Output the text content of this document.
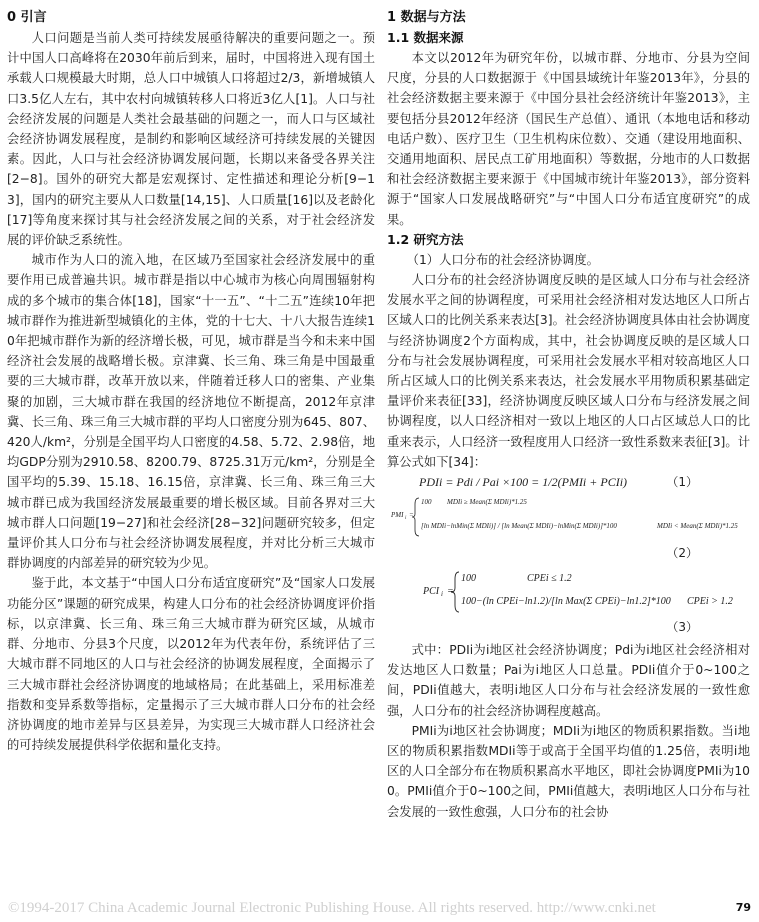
0 引言

人口问题是当前人类可持续发展亟待解决的重要问题之一。预计中国人口高峰将在2030年前后到来，届时，中国将进入现有国土承载人口规模最大时期，总人口中城镇人口将超过2/3，新增城镇人口3.5亿人左右，其中农村向城镇转移人口将近3亿人[1]。人口与社会经济发展的问题是人类社会最基础的问题之一，而人口与区域社会经济协调发展程度，是制约和影响区域经济可持续发展的关键因素。因此，人口与社会经济协调发展问题，长期以来备受各界关注[2−8]。国外的研究大都是宏观探讨、定性描述和理论分析[9−13]，国内的研究主要从人口数量[14,15]、人口质量[16]以及老龄化[17]等角度来探讨其与社会经济发展之间的关系，对于社会经济发展的评价缺乏系统性。

城市作为人口的流入地，在区域乃至国家社会经济发展中的重要作用已成普遍共识。城市群是指以中心城市为核心向周围辐射构成的多个城市的集合体[18]，国家“十一五”、“十二五”连续10年把城市群作为推进新型城镇化的主体，党的十七大、十八大报告连续10年把城市群作为新的经济增长极，可见，城市群是当今和未来中国经济社会发展的战略增长极。京津冀、长三角、珠三角是中国最重要的三大城市群，改革开放以来，伴随着迁移人口的密集、产业集聚的加剧，三大城市群在我国的经济地位不断提高，2012年京津冀、长三角、珠三角三大城市群的平均人口密度分别为645、807、420人/km²，分别是全国平均人口密度的4.58、5.72、2.98倍，地均GDP分别为2910.58、8200.79、8725.31万元/km²，分别是全国平均的5.39、15.18、16.15倍，京津冀、长三角、珠三角三大城市群已成为我国经济发展最重要的增长极区域。目前各界对三大城市群人口问题[19−27]和社会经济[28−32]问题研究较多，但定量评价其人口分布与社会经济协调发展程度，并对比分析三大城市群协调度的内部差异的研究较为少见。

鉴于此，本文基于“中国人口分布适宜度研究”及“国家人口发展功能分区”课题的研究成果，构建人口分布的社会经济协调度评价指标，以京津冀、长三角、珠三角三大城市群为研究区域，从城市群、分地市、分县3个尺度，以2012年为代表年份，系统评估了三大城市群不同地区的人口与社会经济的协调发展程度，全面揭示了三大城市群社会经济协调度的地域格局；在此基础上，采用标准差指数和变异系数等指标，定量揭示了三大城市群人口分布的社会经济协调度的地市差异与区县差异，为实现三大城市群人口经济社会的可持续发展提供科学依据和量化支持。

1 数据与方法
1.1 数据来源

本文以2012年为研究年份，以城市群、分地市、分县为空间尺度，分县的人口数据源于《中国县域统计年鉴2013年》，分县的社会经济数据主要来源于《中国分县社会经济统计年鉴2013》，主要包括分县2012年经济（国民生产总值）、通讯（本地电话和移动电话户数）、医疗卫生（卫生机构床位数）、交通（建设用地面积、交通用地面积、居民点工矿用地面积）等数据，分地市的人口数据和社会经济数据主要来源于《中国城市统计年鉴2013》，部分资料源于“国家人口发展战略研究”与“中国人口分布适宜度研究”的成果。

1.2 研究方法
（1）人口分布的社会经济协调度。

人口分布的社会经济协调度反映的是区域人口分布与社会经济发展水平之间的协调程度，可采用社会经济相对发达地区人口所占区域人口的比例关系来表达[3]。社会经济协调度具体由社会协调度与经济协调度2个方面构成，其中，社会协调度反映的是区域人口分布与社会发展协调程度，可采用社会发展水平相对较高地区人口所占区域人口的比例关系来表达，社会发展水平用物质积累基础定量评价来表征[33]，经济协调度反映区域人口分布与经济发展之间协调程度，以人口经济相对一致以上地区的人口占区域总人口的比重来表示，人口经济一致程度用人口经济一致性系数来表征[3]。计算公式如下[34]：

PDIi = Pdi / Pai ×100 = 1/2(PMIi + PCIi)	（1）
PMI i =
100 MDIi ≥ Mean(Σ MDIi)*1.25
[ln MDIi−lnMin(Σ MDIi)] / [ln Mean(Σ MDIi)−lnMin(Σ MDIi)]*100	MDIi < Mean(Σ MDIi)*1.25
（2）
PCI i =
100	CPEi ≤ 1.2
100−(ln CPEi−ln1.2)/[ln Max(Σ CPEi)−ln1.2]*100 CPEi > 1.2
（3）

式中：PDIi为i地区社会经济协调度；Pdi为i地区社会经济相对发达地区人口数量；Pai为i地区人口总量。PDIi值介于0~100之间，PDIi值越大，表明i地区人口分布与社会经济发展的一致性愈强，人口分布的社会经济协调程度越高。

PMIi为i地区社会协调度；MDIi为i地区的物质积累指数。当i地区的物质积累指数MDIi等于或高于全国平均值的1.25倍，表明i地区的人口全部分布在物质积累高水平地区，即社会协调度PMIi为100。PMIi值介于0~100之间，PMIi值越大，表明i地区人口分布与社会发展的一致性愈强，人口分布的社会协

©1994-2017 China Academic Journal Electronic Publishing House. All rights reserved. http://www.cnki.net	79
